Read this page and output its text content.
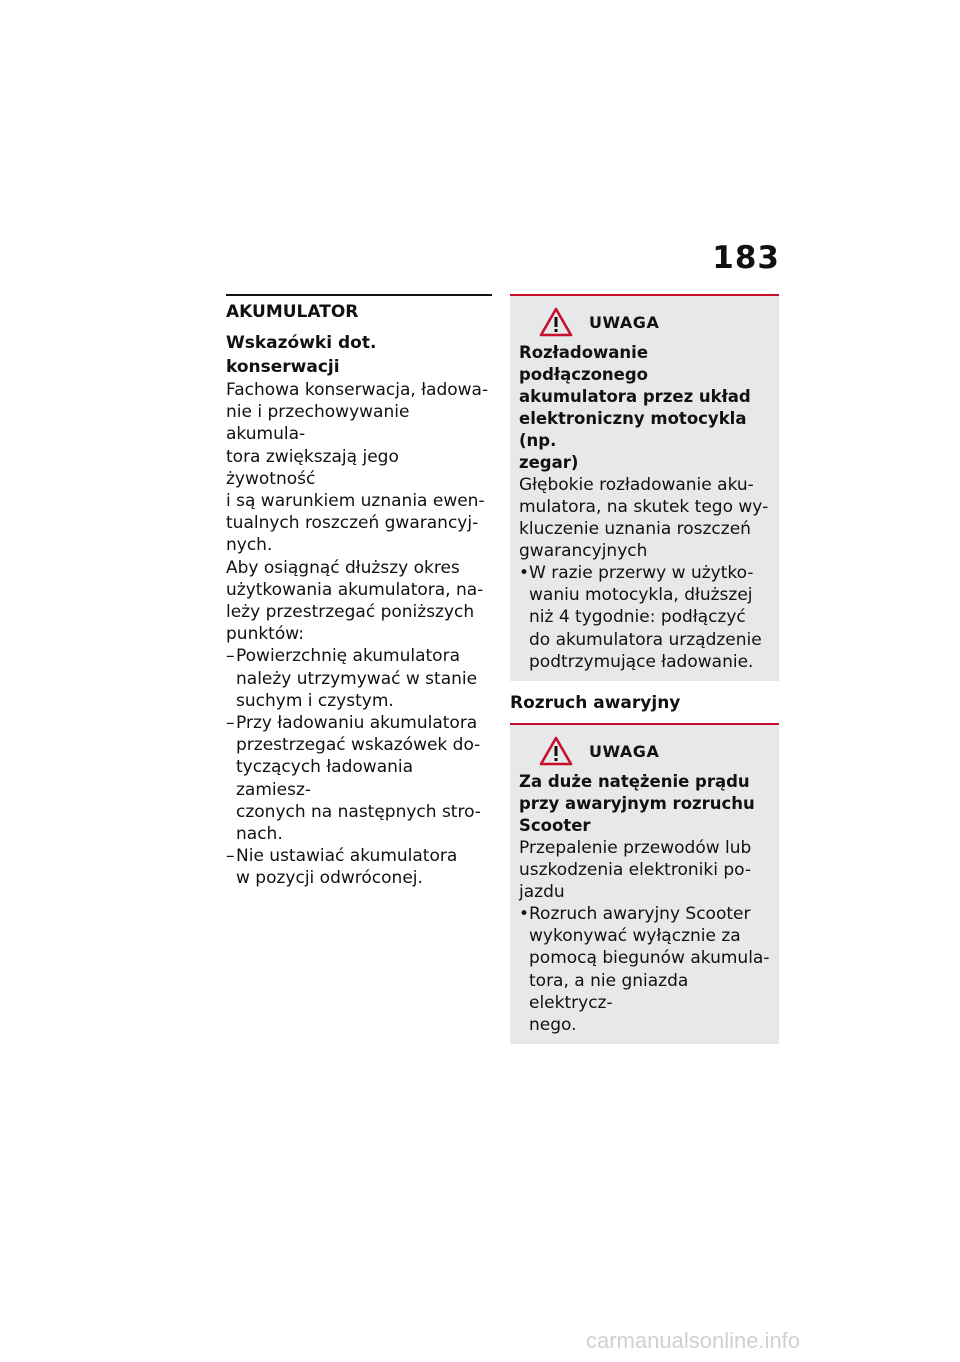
183
AKUMULATOR
Wskazówki dot. konserwacji
Fachowa konserwacja, ładowa-
nie i przechowywanie akumula-
tora zwiększają jego żywotność
i są warunkiem uznania ewen-
tualnych roszczeń gwarancyj-
nych.
Aby osiągnąć dłuższy okres
użytkowania akumulatora, na-
leży przestrzegać poniższych
punktów:
– Powierzchnię akumulatora
należy utrzymywać w stanie
suchym i czystym.
– Przy ładowaniu akumulatora
przestrzegać wskazówek do-
tyczących ładowania zamiesz-
czonych na następnych stro-
nach.
– Nie ustawiać akumulatora
w pozycji odwróconej.
UWAGA
Rozładowanie podłączonego
akumulatora przez układ
elektroniczny motocykla (np.
zegar)
Głębokie rozładowanie aku-
mulatora, na skutek tego wy-
kluczenie uznania roszczeń
gwarancyjnych
• W razie przerwy w użytko-
waniu motocykla, dłuższej
niż 4 tygodnie: podłączyć
do akumulatora urządzenie
podtrzymujące ładowanie.
Rozruch awaryjny
UWAGA
Za duże natężenie prądu
przy awaryjnym rozruchu
Scooter
Przepalenie przewodów lub
uszkodzenia elektroniki po-
jazdu
• Rozruch awaryjny Scooter
wykonywać wyłącznie za
pomocą biegunów akumula-
tora, a nie gniazda elektrycz-
nego.
carmanualsonline.info
